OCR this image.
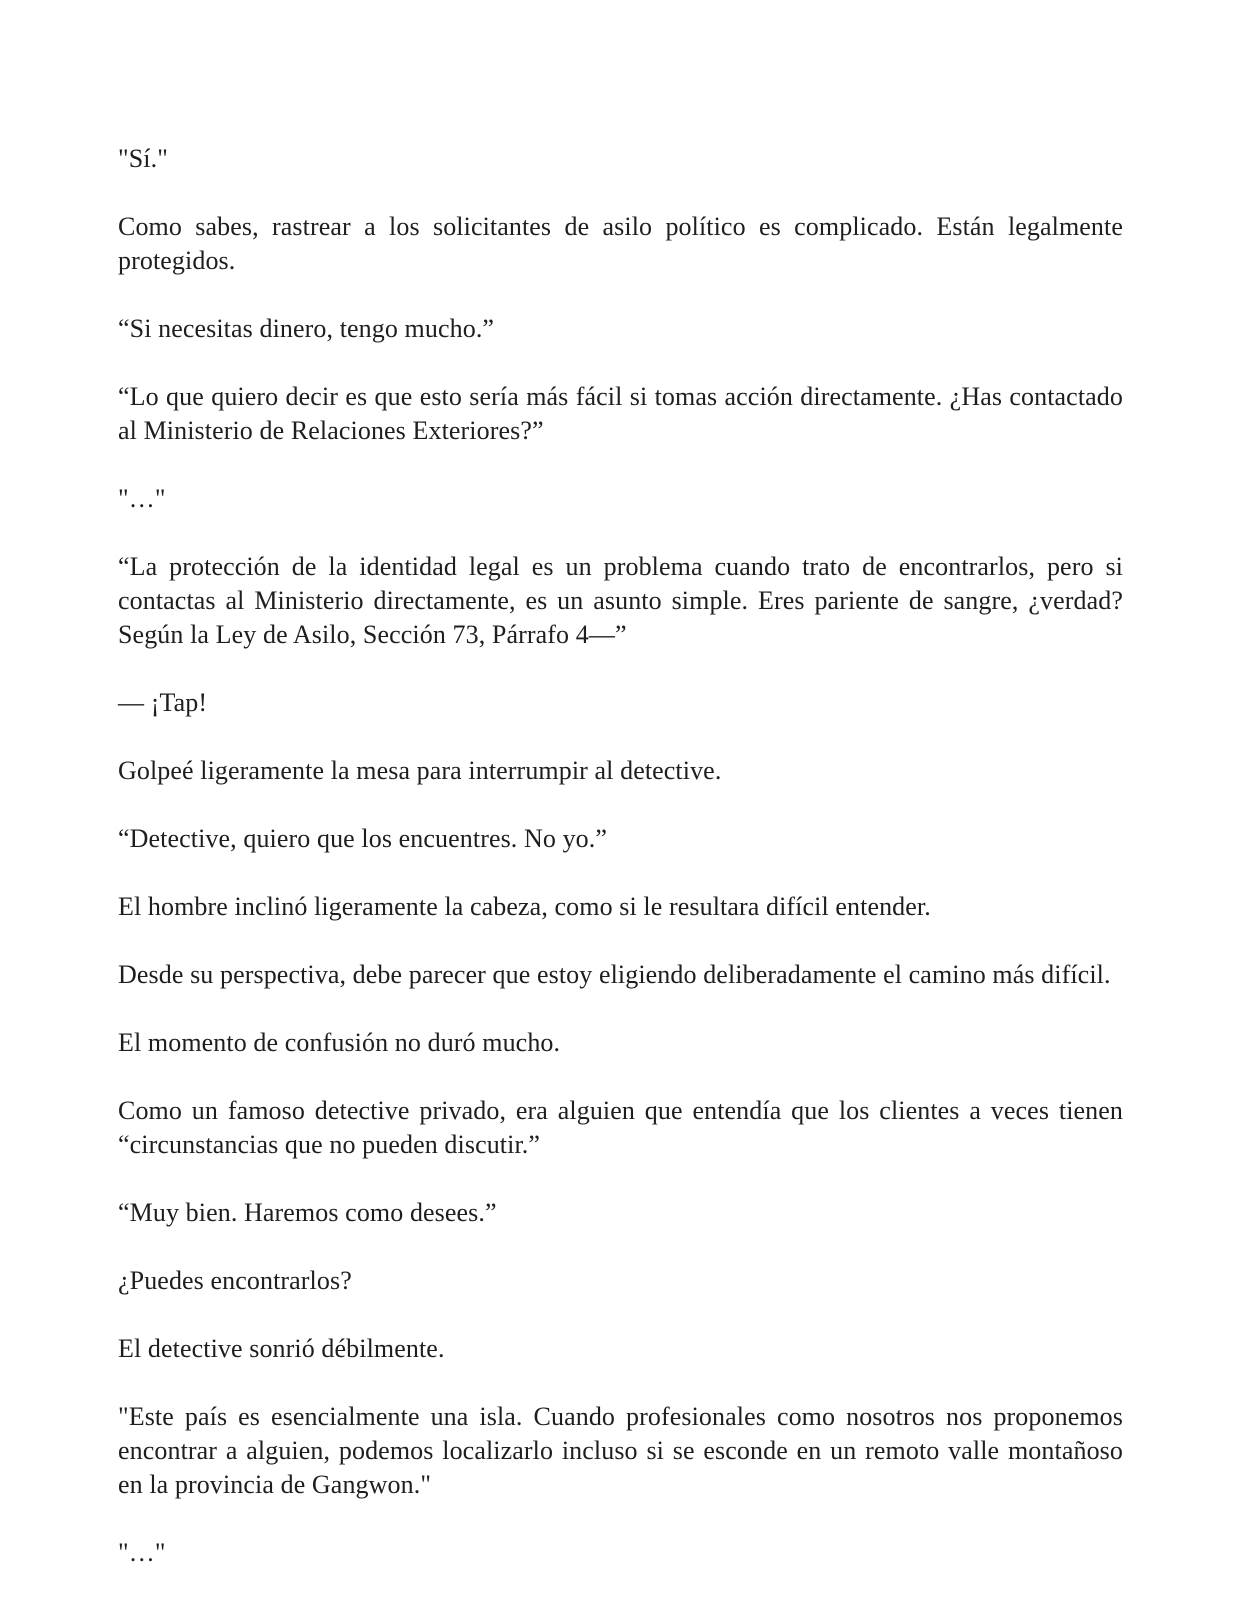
"Sí."

Como sabes, rastrear a los solicitantes de asilo político es complicado. Están legalmente protegidos.

“Si necesitas dinero, tengo mucho.”

“Lo que quiero decir es que esto sería más fácil si tomas acción directamente. ¿Has contactado al Ministerio de Relaciones Exteriores?”

"…"

“La protección de la identidad legal es un problema cuando trato de encontrarlos, pero si contactas al Ministerio directamente, es un asunto simple. Eres pariente de sangre, ¿verdad? Según la Ley de Asilo, Sección 73, Párrafo 4—”

— ¡Tap!

Golpeé ligeramente la mesa para interrumpir al detective.

“Detective, quiero que los encuentres. No yo.”

El hombre inclinó ligeramente la cabeza, como si le resultara difícil entender.

Desde su perspectiva, debe parecer que estoy eligiendo deliberadamente el camino más difícil.

El momento de confusión no duró mucho.

Como un famoso detective privado, era alguien que entendía que los clientes a veces tienen “circunstancias que no pueden discutir.”

“Muy bien. Haremos como desees.”

¿Puedes encontrarlos?

El detective sonrió débilmente.

"Este país es esencialmente una isla. Cuando profesionales como nosotros nos proponemos encontrar a alguien, podemos localizarlo incluso si se esconde en un remoto valle montañoso en la provincia de Gangwon."

"…"
